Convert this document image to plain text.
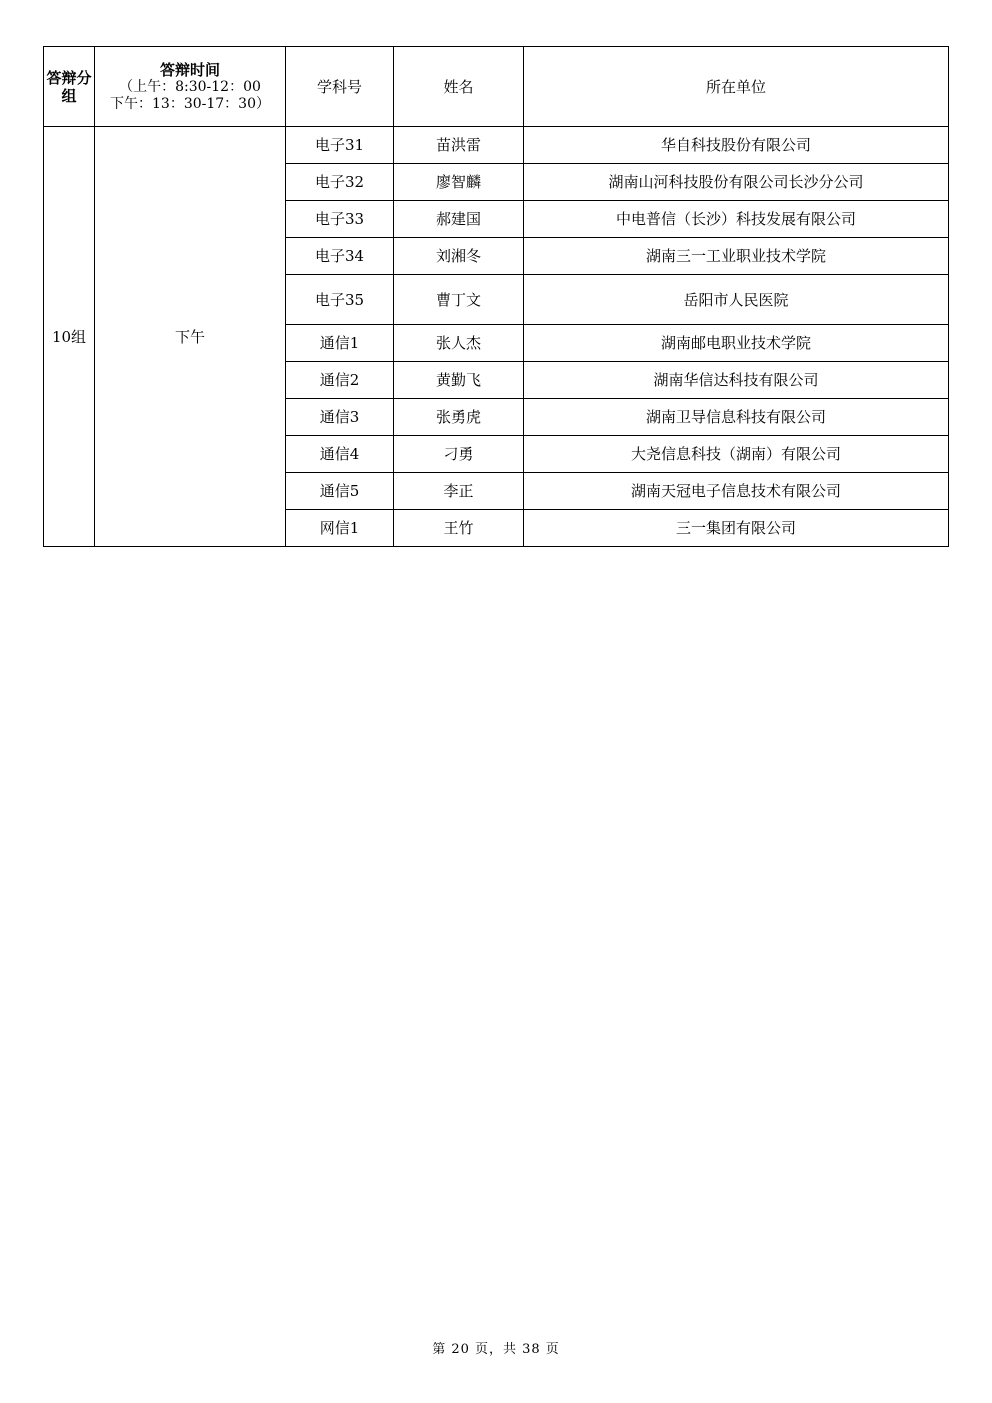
答辩分组	答辩时间
（上午：8:30-12：00
下午：13：30-17：30）	学科号	姓名	所在单位
10组	下午	电子31	苗洪雷	华自科技股份有限公司
		电子32	廖智麟	湖南山河科技股份有限公司长沙分公司
		电子33	郝建国	中电普信（长沙）科技发展有限公司
		电子34	刘湘冬	湖南三一工业职业技术学院
		电子35	曹丁文	岳阳市人民医院
		通信1	张人杰	湖南邮电职业技术学院
		通信2	黄勤飞	湖南华信达科技有限公司
		通信3	张勇虎	湖南卫导信息科技有限公司
		通信4	刁勇	大尧信息科技（湖南）有限公司
		通信5	李正	湖南天冠电子信息技术有限公司
		网信1	王竹	三一集团有限公司
第 20 页，共 38 页
